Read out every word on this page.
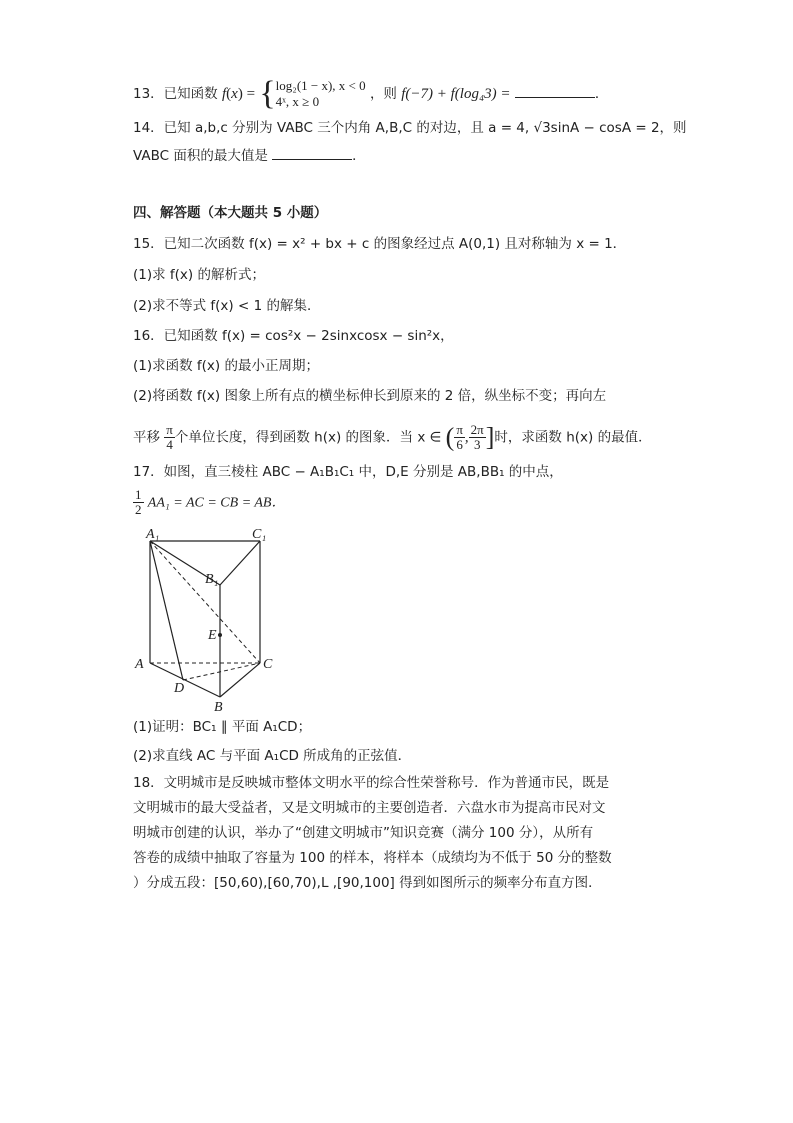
13．已知函数 f(x) = { log₂(1 − x), x < 0
4ˣ, x ≥ 0	，则 f(−7) + f(log₄3) =	．
14．已知 a,b,c 分别为 VABC 三个内角 A,B,C 的对边，且 a = 4, √3sinA − cosA = 2，则
VABC 面积的最大值是	．
四、解答题（本大题共 5 小题）
15．已知二次函数 f(x) = x² + bx + c 的图象经过点 A(0,1) 且对称轴为 x = 1．
(1)求 f(x) 的解析式；
(2)求不等式 f(x) < 1 的解集．
16．已知函数 f(x) = cos²x − 2sinxcosx − sin²x，
(1)求函数 f(x) 的最小正周期；
(2)将函数 f(x) 图象上所有点的横坐标伸长到原来的 2 倍，纵坐标不变；再向左
平移 $\frac{\pi}{4}$ 个单位长度，得到函数 h(x) 的图象．当 x ∈ ( $\frac{\pi}{6}$ , $\frac{2\pi}{3}$ ]时，求函数 h(x) 的最值．
17．如图，直三棱柱 ABC − A₁B₁C₁ 中，D,E 分别是 AB,BB₁ 的中点，
$\frac{1}{2} AA_1$ = AC = CB = AB．
A₁	C₁
B₁
E
A	C
D
B
(1)证明：BC₁ ∥ 平面 A₁CD；
(2)求直线 AC 与平面 A₁CD 所成角的正弦值．
18．文明城市是反映城市整体文明水平的综合性荣誉称号．作为普通市民，既是
文明城市的最大受益者，又是文明城市的主要创造者．六盘水市为提高市民对文
明城市创建的认识，举办了“创建文明城市”知识竞赛（满分 100 分），从所有
答卷的成绩中抽取了容量为 100 的样本，将样本（成绩均为不低于 50 分的整数
）分成五段：[50,60),[60,70),L ,[90,100] 得到如图所示的频率分布直方图．
